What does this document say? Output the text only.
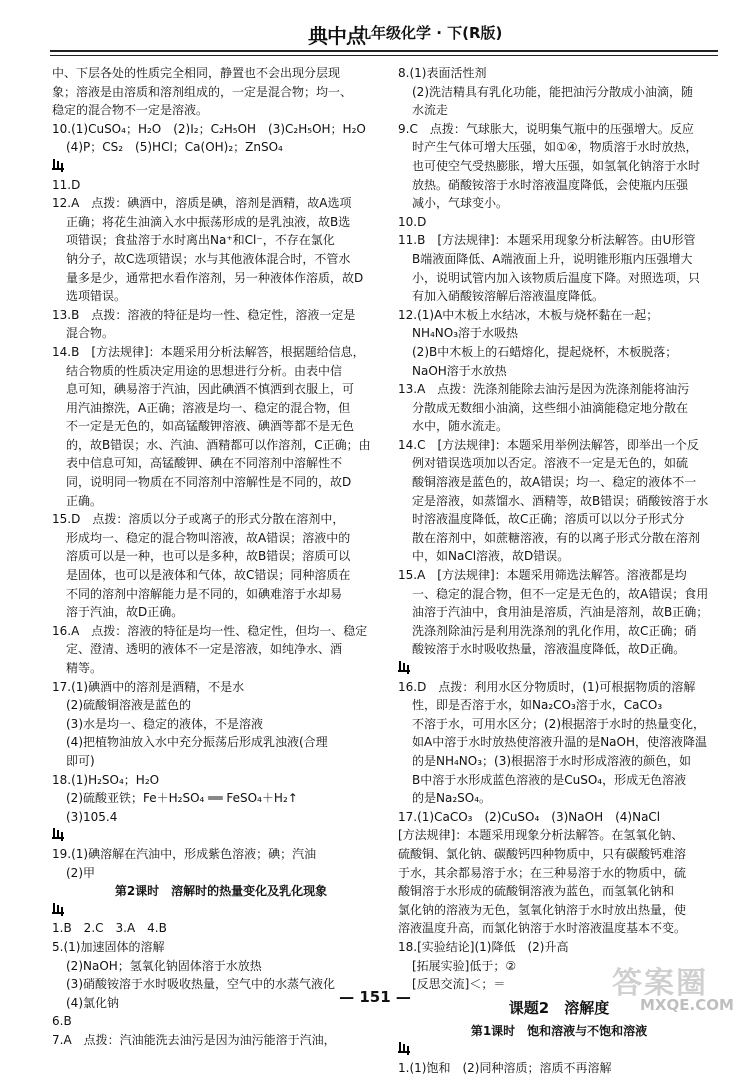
典中点
九年级化学 · 下(R版)
中、下层各处的性质完全相同，静置也不会出现分层现
象；溶液是由溶质和溶剂组成的，一定是混合物；均一、
稳定的混合物不一定是溶液。
10.(1)CuSO₄；H₂O　(2)I₂；C₂H₅OH　(3)C₂H₅OH；H₂O
(4)P；CS₂　(5)HCl；Ca(OH)₂；ZnSO₄
11.D
12.A　点拨：碘酒中，溶质是碘，溶剂是酒精，故A选项
正确；将花生油滴入水中振荡形成的是乳浊液，故B选
项错误；食盐溶于水时离出Na⁺和Cl⁻，不存在氯化
钠分子，故C选项错误；水与其他液体混合时，不管水
量多是少，通常把水看作溶剂，另一种液体作溶质，故D
选项错误。
13.B　点拨：溶液的特征是均一性、稳定性，溶液一定是
混合物。
14.B　[方法规律]：本题采用分析法解答，根据题给信息，
结合物质的性质决定用途的思想进行分析。由表中信
息可知，碘易溶于汽油，因此碘酒不慎洒到衣服上，可
用汽油擦洗，A正确；溶液是均一、稳定的混合物，但
不一定是无色的，如高锰酸钾溶液、碘酒等都不是无色
的，故B错误；水、汽油、酒精都可以作溶剂，C正确；由
表中信息可知，高锰酸钾、碘在不同溶剂中溶解性不
同，说明同一物质在不同溶剂中溶解性是不同的，故D
正确。
15.D　点拨：溶质以分子或离子的形式分散在溶剂中，
形成均一、稳定的混合物叫溶液，故A错误；溶液中的
溶质可以是一种，也可以是多种，故B错误；溶质可以
是固体，也可以是液体和气体，故C错误；同种溶质在
不同的溶剂中溶解能力是不同的，如碘难溶于水却易
溶于汽油，故D正确。
16.A　点拨：溶液的特征是均一性、稳定性，但均一、稳定
定、澄清、透明的液体不一定是溶液，如纯净水、酒
精等。
17.(1)碘酒中的溶剂是酒精，不是水
(2)硫酸铜溶液是蓝色的
(3)水是均一、稳定的液体，不是溶液
(4)把植物油放入水中充分振荡后形成乳浊液(合理
即可)
18.(1)H₂SO₄；H₂O
(2)硫酸亚铁；Fe＋H₂SO₄ ══ FeSO₄＋H₂↑
(3)105.4
19.(1)碘溶解在汽油中，形成紫色溶液；碘；汽油
(2)甲
第2课时　溶解时的热量变化及乳化现象
1.B　2.C　3.A　4.B
5.(1)加速固体的溶解
(2)NaOH；氢氧化钠固体溶于水放热
(3)硝酸铵溶于水时吸收热量，空气中的水蒸气液化
(4)氯化钠
6.B
7.A　点拨：汽油能洗去油污是因为油污能溶于汽油，
8.(1)表面活性剂
(2)洗洁精具有乳化功能，能把油污分散成小油滴，随
水流走
9.C　点拨：气球胀大，说明集气瓶中的压强增大。反应
时产生气体可增大压强，如①④，物质溶于水时放热，
也可使空气受热膨胀，增大压强，如氢氧化钠溶于水时
放热。硝酸铵溶于水时溶液温度降低，会使瓶内压强
减小，气球变小。
10.D
11.B　[方法规律]：本题采用现象分析法解答。由U形管
B端液面降低、A端液面上升，说明锥形瓶内压强增大
小，说明试管内加入该物质后温度下降。对照选项，只
有加入硝酸铵溶解后溶液温度降低。
12.(1)A中木板上水结冰，木板与烧杯黏在一起；
NH₄NO₃溶于水吸热
(2)B中木板上的石蜡熔化，提起烧杯，木板脱落；
NaOH溶于水放热
13.A　点拨：洗涤剂能除去油污是因为洗涤剂能将油污
分散成无数细小油滴，这些细小油滴能稳定地分散在
水中，随水流走。
14.C　[方法规律]：本题采用举例法解答，即举出一个反
例对错误选项加以否定。溶液不一定是无色的，如硫
酸铜溶液是蓝色的，故A错误；均一、稳定的液体不一
定是溶液，如蒸馏水、酒精等，故B错误；硝酸铵溶于水
时溶液温度降低，故C正确；溶质可以以分子形式分
散在溶剂中，如蔗糖溶液，有的以离子形式分散在溶剂
中，如NaCl溶液，故D错误。
15.A　[方法规律]：本题采用筛选法解答。溶液都是均
一、稳定的混合物，但不一定是无色的，故A错误；食用
油溶于汽油中，食用油是溶质，汽油是溶剂，故B正确；
洗涤剂除油污是利用洗涤剂的乳化作用，故C正确；硝
酸铵溶于水时吸收热量，溶液温度降低，故D正确。
16.D　点拨：利用水区分物质时，(1)可根据物质的溶解
性，即是否溶于水，如Na₂CO₃溶于水，CaCO₃
不溶于水，可用水区分；(2)根据溶于水时的热量变化，
如A中溶于水时放热使溶液升温的是NaOH，使溶液降温
的是NH₄NO₃；(3)根据溶于水时形成溶液的颜色，如
B中溶于水形成蓝色溶液的是CuSO₄，形成无色溶液
的是Na₂SO₄。
17.(1)CaCO₃　(2)CuSO₄　(3)NaOH　(4)NaCl
[方法规律]：本题采用现象分析法解答。在氢氧化钠、
硫酸铜、氯化钠、碳酸钙四种物质中，只有碳酸钙难溶
于水，其余都易溶于水；在三种易溶于水的物质中，硫
酸铜溶于水形成的硫酸铜溶液为蓝色，而氢氧化钠和
氯化钠的溶液为无色，氢氧化钠溶于水时放出热量，使
溶液温度升高，而氯化钠溶于水时溶液温度基本不变。
18.[实验结论](1)降低　(2)升高
[拓展实验]低于；②
[反思交流]＜；＝
课题2　溶解度
第1课时　饱和溶液与不饱和溶液
1.(1)饱和　(2)同种溶质；溶质不再溶解
— 151 —	答案圈
MXQE.COM
